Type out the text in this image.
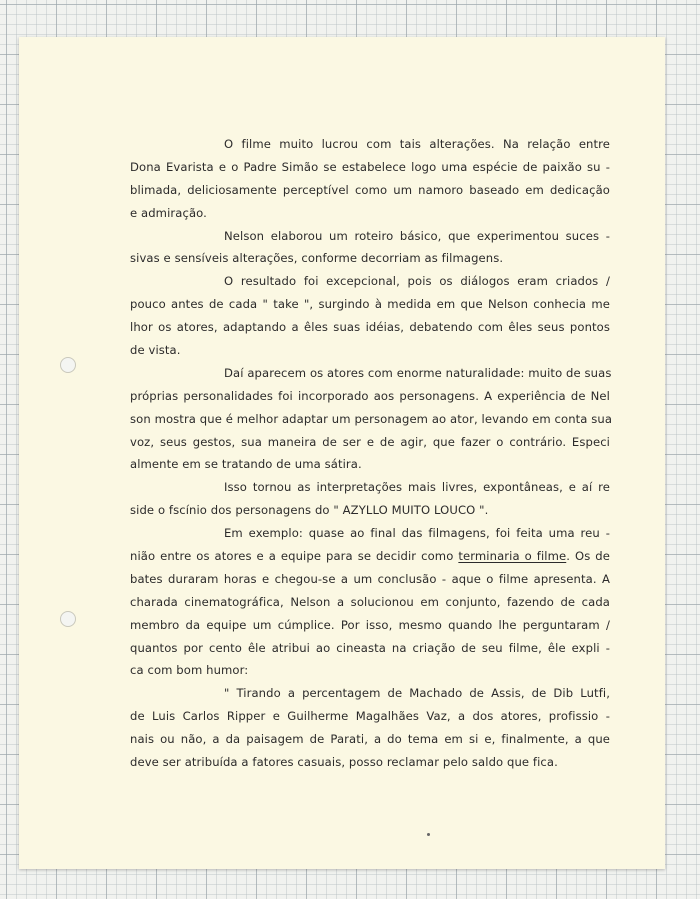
O filme muito lucrou com tais alterações. Na relação entre
Dona Evarista e o Padre Simão se estabelece logo uma espécie de paixão su -
blimada, deliciosamente perceptível como um namoro baseado em dedicação
e admiração.
Nelson elaborou um roteiro básico, que experimentou suces -
sivas e sensíveis alterações, conforme decorriam as filmagens.
O resultado foi excepcional, pois os diálogos eram criados /
pouco antes de cada " take ", surgindo à medida em que Nelson conhecia me
lhor os atores, adaptando a êles suas idéias, debatendo com êles seus pontos
de vista.
Daí aparecem os atores com enorme naturalidade: muito de suas
próprias personalidades foi incorporado aos personagens. A experiência de Nel
son mostra que é melhor adaptar um personagem ao ator, levando em conta sua
voz, seus gestos, sua maneira de ser e de agir, que fazer o contrário. Especi
almente em se tratando de uma sátira.
Isso tornou as interpretações mais livres, expontâneas, e aí re
side o fscínio dos personagens do " AZYLLO MUITO LOUCO ".
Em exemplo: quase ao final das filmagens, foi feita uma reu -
nião entre os atores e a equipe para se decidir como terminaria o filme. Os de
bates duraram horas e chegou-se a um conclusão - aque o filme apresenta. A
charada cinematográfica, Nelson a solucionou em conjunto, fazendo de cada
membro da equipe um cúmplice. Por isso, mesmo quando lhe perguntaram /
quantos por cento êle atribui ao cineasta na criação de seu filme, êle expli -
ca com bom humor:
" Tirando a percentagem de Machado de Assis, de Dib Lutfi,
de Luis Carlos Ripper e Guilherme Magalhães Vaz, a dos atores, profissio -
nais ou não, a da paisagem de Parati, a do tema em si e, finalmente, a que
deve ser atribuída a fatores casuais, posso reclamar pelo saldo que fica.
